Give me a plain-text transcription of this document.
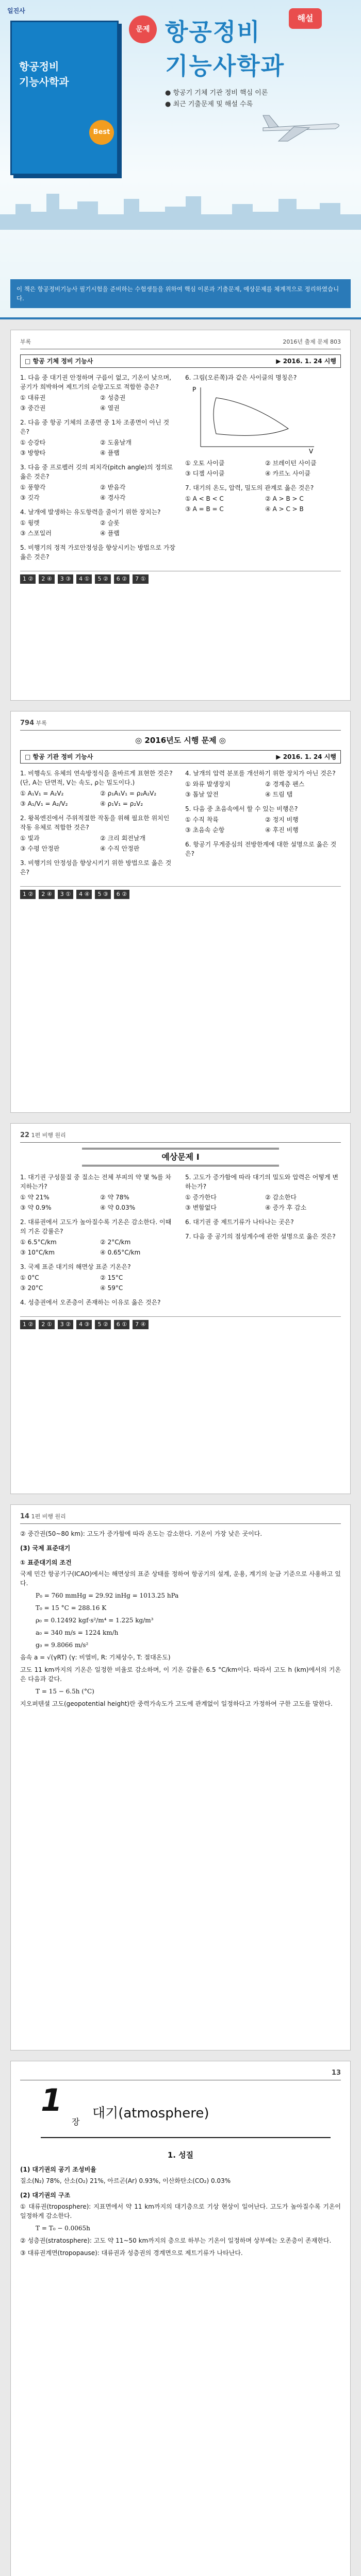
일진사
항공정비
기능사학과
Best
문제
해설
항공정비
기능사학과
● 항공기 기체 기관 정비 핵심 이론
● 최근 기출문제 및 해설 수록
이 책은 항공정비기능사 필기시험을 준비하는 수험생들을 위하여 핵심 이론과 기출문제, 예상문제를 체계적으로 정리하였습니다.
부록	2016년 출제 문제 803
□ 항공 기체 정비 기능사	▶ 2016. 1. 24 시행
1. 다음 중 대기권 안정하며 구름이 없고, 기온이 낮으며, 공기가 희박하여 제트기의 순항고도로 적합한 층은?
① 대류권	② 성층권
③ 중간권	④ 열권
2. 다음 중 항공 기체의 조종면 중 1차 조종면이 아닌 것은?
① 승강타	② 도움날개
③ 방향타	④ 플랩
3. 다음 중 프로펠러 깃의 피치각(pitch angle)의 정의로 옳은 것은?
① 풍향각	② 받음각
③ 깃각	④ 경사각
4. 날개에 발생하는 유도항력을 줄이기 위한 장치는?
① 윙렛	② 슬롯
③ 스포일러	④ 플랩
5. 비행기의 정적 가로안정성을 향상시키는 방법으로 가장 옳은 것은?
6. 그림(오른쪽)과 같은 사이클의 명칭은?
P
V
① 오토 사이클	② 브레이턴 사이클
③ 디젤 사이클	④ 카르노 사이클
7. 대기의 온도, 압력, 밀도의 관계로 옳은 것은?
① A < B < C	② A > B > C
③ A = B = C	④ A > C > B
1 ②	2 ④	3 ③	4 ①	5 ②	6 ②	7 ①
794 부록
◎ 2016년도 시행 문제 ◎
□ 항공 기관 정비 기능사	▶ 2016. 1. 24 시행
1. 비행속도 유체의 연속방정식을 올바르게 표현한 것은? (단, A는 단면적, V는 속도, ρ는 밀도이다.)
① A₁V₁ = A₂V₂	② ρ₁A₁V₁ = ρ₂A₂V₂
③ A₁/V₁ = A₂/V₂	④ ρ₁V₁ = ρ₂V₂
2. 왕복엔진에서 주위적절한 작동을 위해 필요한 위치인 작동 유체로 적합한 것은?
① 빛과	② 크리 회전날개
③ 수평 안정판	④ 수직 안정판
3. 비행기의 안정성을 향상시키기 위한 방법으로 옳은 것은?
4. 날개의 압력 분포를 개선하기 위한 장치가 아닌 것은?
① 와류 발생장치	② 경계층 펜스
③ 톱날 앞전	④ 트림 탭
5. 다음 중 초음속에서 할 수 있는 비행은?
① 수직 착륙	② 정지 비행
③ 초음속 순항	④ 후진 비행
6. 항공기 무게중심의 전방한계에 대한 설명으로 옳은 것은?
1 ②	2 ④	3 ①	4 ④	5 ③	6 ②
22 1편 비행 원리
예상문제 I
1. 대기권 구성물질 중 질소는 전체 부피의 약 몇 %를 차지하는가?
① 약 21%	② 약 78%
③ 약 0.9%	④ 약 0.03%
2. 대류권에서 고도가 높아질수록 기온은 감소한다. 이때의 기온 감률은?
① 6.5°C/km	② 2°C/km
③ 10°C/km	④ 0.65°C/km
3. 국제 표준 대기의 해면상 표준 기온은?
① 0°C	② 15°C
③ 20°C	④ 59°C
4. 성층권에서 오존층이 존재하는 이유로 옳은 것은?
5. 고도가 증가함에 따라 대기의 밀도와 압력은 어떻게 변하는가?
① 증가한다	② 감소한다
③ 변함없다	④ 증가 후 감소
6. 대기권 중 제트기류가 나타나는 곳은?
7. 다음 중 공기의 점성계수에 관한 설명으로 옳은 것은?
1 ②	2 ①	3 ②	4 ③	5 ②	6 ①	7 ④
14 1편 비행 원리
② 중간권(50~80 km): 고도가 증가함에 따라 온도는 감소한다. 기온이 가장 낮은 곳이다.
(3) 국제 표준대기
① 표준대기의 조건
국제 민간 항공기구(ICAO)에서는 해면상의 표준 상태를 정하여 항공기의 설계, 운용, 계기의 눈금 기준으로 사용하고 있다.
P₀ = 760 mmHg = 29.92 inHg = 1013.25 hPa
T₀ = 15 °C = 288.16 K
ρ₀ = 0.12492 kgf·s²/m⁴ = 1.225 kg/m³
a₀ = 340 m/s = 1224 km/h
g₀ = 9.8066 m/s²
음속 a = √(γRT) (γ: 비열비, R: 기체상수, T: 절대온도)
고도 11 km까지의 기온은 일정한 비율로 감소하며, 이 기온 감률은 6.5 °C/km이다. 따라서 고도 h (km)에서의 기온은 다음과 같다.
T = 15 − 6.5h (°C)
지오퍼텐셜 고도(geopotential height)란 중력가속도가 고도에 관계없이 일정하다고 가정하여 구한 고도를 말한다.
13
1
장
대기(atmosphere)
1. 성질
(1) 대기권의 공기 조성비율
질소(N₂) 78%, 산소(O₂) 21%, 아르곤(Ar) 0.93%, 이산화탄소(CO₂) 0.03%
(2) 대기권의 구조
① 대류권(troposphere): 지표면에서 약 11 km까지의 대기층으로 기상 현상이 일어난다. 고도가 높아질수록 기온이 일정하게 감소한다.
T = T₀ − 0.0065h
② 성층권(stratosphere): 고도 약 11~50 km까지의 층으로 하부는 기온이 일정하며 상부에는 오존층이 존재한다.
③ 대류권계면(tropopause): 대류권과 성층권의 경계면으로 제트기류가 나타난다.
